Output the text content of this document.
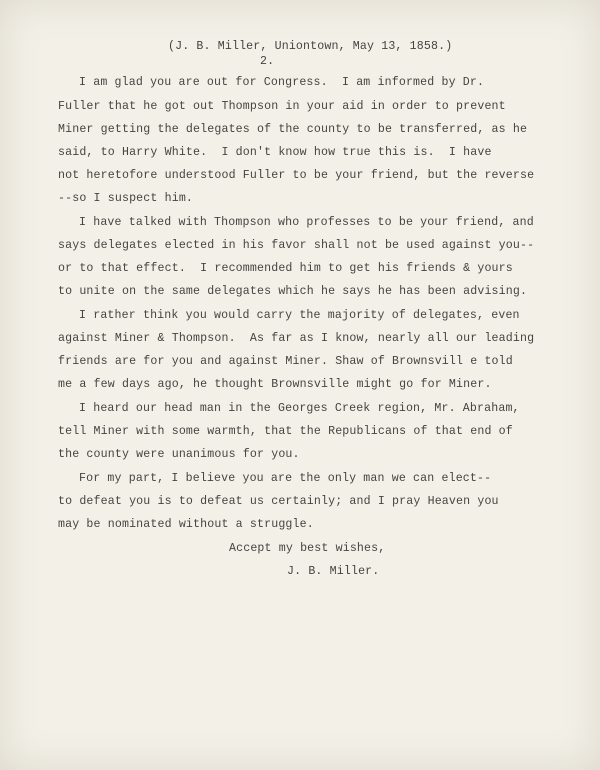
(J. B. Miller, Uniontown, May 13, 1858.)
2.
I am glad you are out for Congress.  I am informed by Dr.
Fuller that he got out Thompson in your aid in order to prevent
Miner getting the delegates of the county to be transferred, as he
said, to Harry White.  I don't know how true this is.  I have
not heretofore understood Fuller to be your friend, but the reverse
--so I suspect him.
I have talked with Thompson who professes to be your friend, and
says delegates elected in his favor shall not be used against you--
or to that effect.  I recommended him to get his friends & yours
to unite on the same delegates which he says he has been advising.
I rather think you would carry the majority of delegates, even
against Miner & Thompson.  As far as I know, nearly all our leading
friends are for you and against Miner. Shaw of Brownsvill e told
me a few days ago, he thought Brownsville might go for Miner.
I heard our head man in the Georges Creek region, Mr. Abraham,
tell Miner with some warmth, that the Republicans of that end of
the county were unanimous for you.
For my part, I believe you are the only man we can elect--
to defeat you is to defeat us certainly; and I pray Heaven you
may be nominated without a struggle.
Accept my best wishes,
J. B. Miller.
